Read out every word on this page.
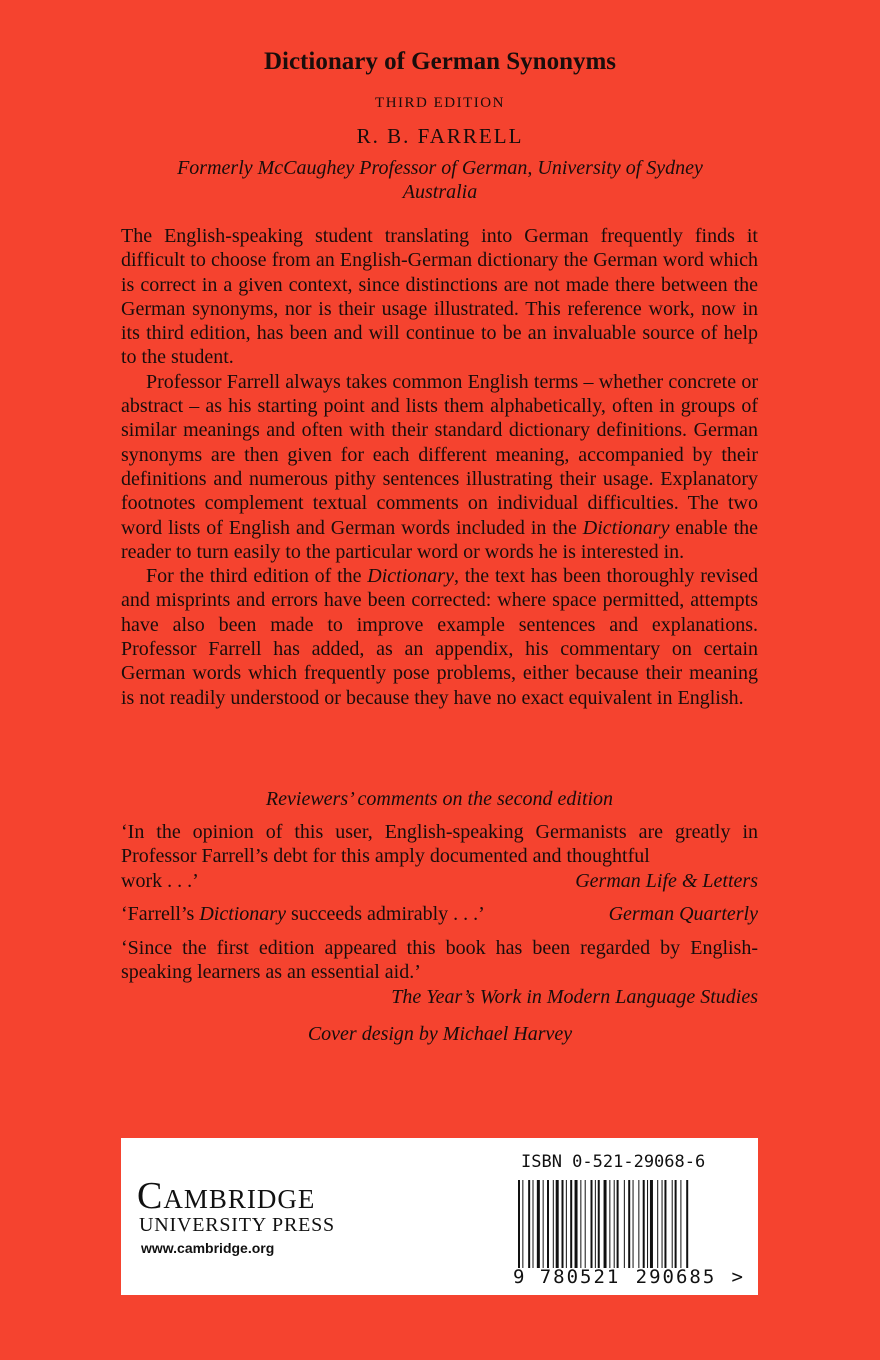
Dictionary of German Synonyms
THIRD EDITION
R. B. FARRELL
Formerly McCaughey Professor of German, University of Sydney
Australia

The English-speaking student translating into German frequently finds it difficult to choose from an English-German dictionary the German word which is correct in a given context, since distinctions are not made there between the German synonyms, nor is their usage illustrated. This reference work, now in its third edition, has been and will continue to be an invaluable source of help to the student.

Professor Farrell always takes common English terms – whether concrete or abstract – as his starting point and lists them alphabetically, often in groups of similar meanings and often with their standard dictionary definitions. German synonyms are then given for each different meaning, accompanied by their definitions and numerous pithy sentences illustrating their usage. Explanatory footnotes complement textual comments on individual difficulties. The two word lists of English and German words included in the Dictionary enable the reader to turn easily to the particular word or words he is interested in.

For the third edition of the Dictionary, the text has been thoroughly revised and misprints and errors have been corrected: where space permitted, attempts have also been made to improve example sentences and explanations. Professor Farrell has added, as an appendix, his commentary on certain German words which frequently pose problems, either because their meaning is not readily understood or because they have no exact equivalent in English.

Reviewers’ comments on the second edition
‘In the opinion of this user, English-speaking Germanists are greatly in Professor Farrell’s debt for this amply documented and thoughtful
work . . .’	German Life & Letters
‘Farrell’s Dictionary succeeds admirably . . .’	German Quarterly
‘Since the first edition appeared this book has been regarded by English-speaking learners as an essential aid.’
The Year’s Work in Modern Language Studies
Cover design by Michael Harvey
Cambridge
UNIVERSITY PRESS
www.cambridge.org
ISBN 0-521-29068-6
9 780521 290685 >
